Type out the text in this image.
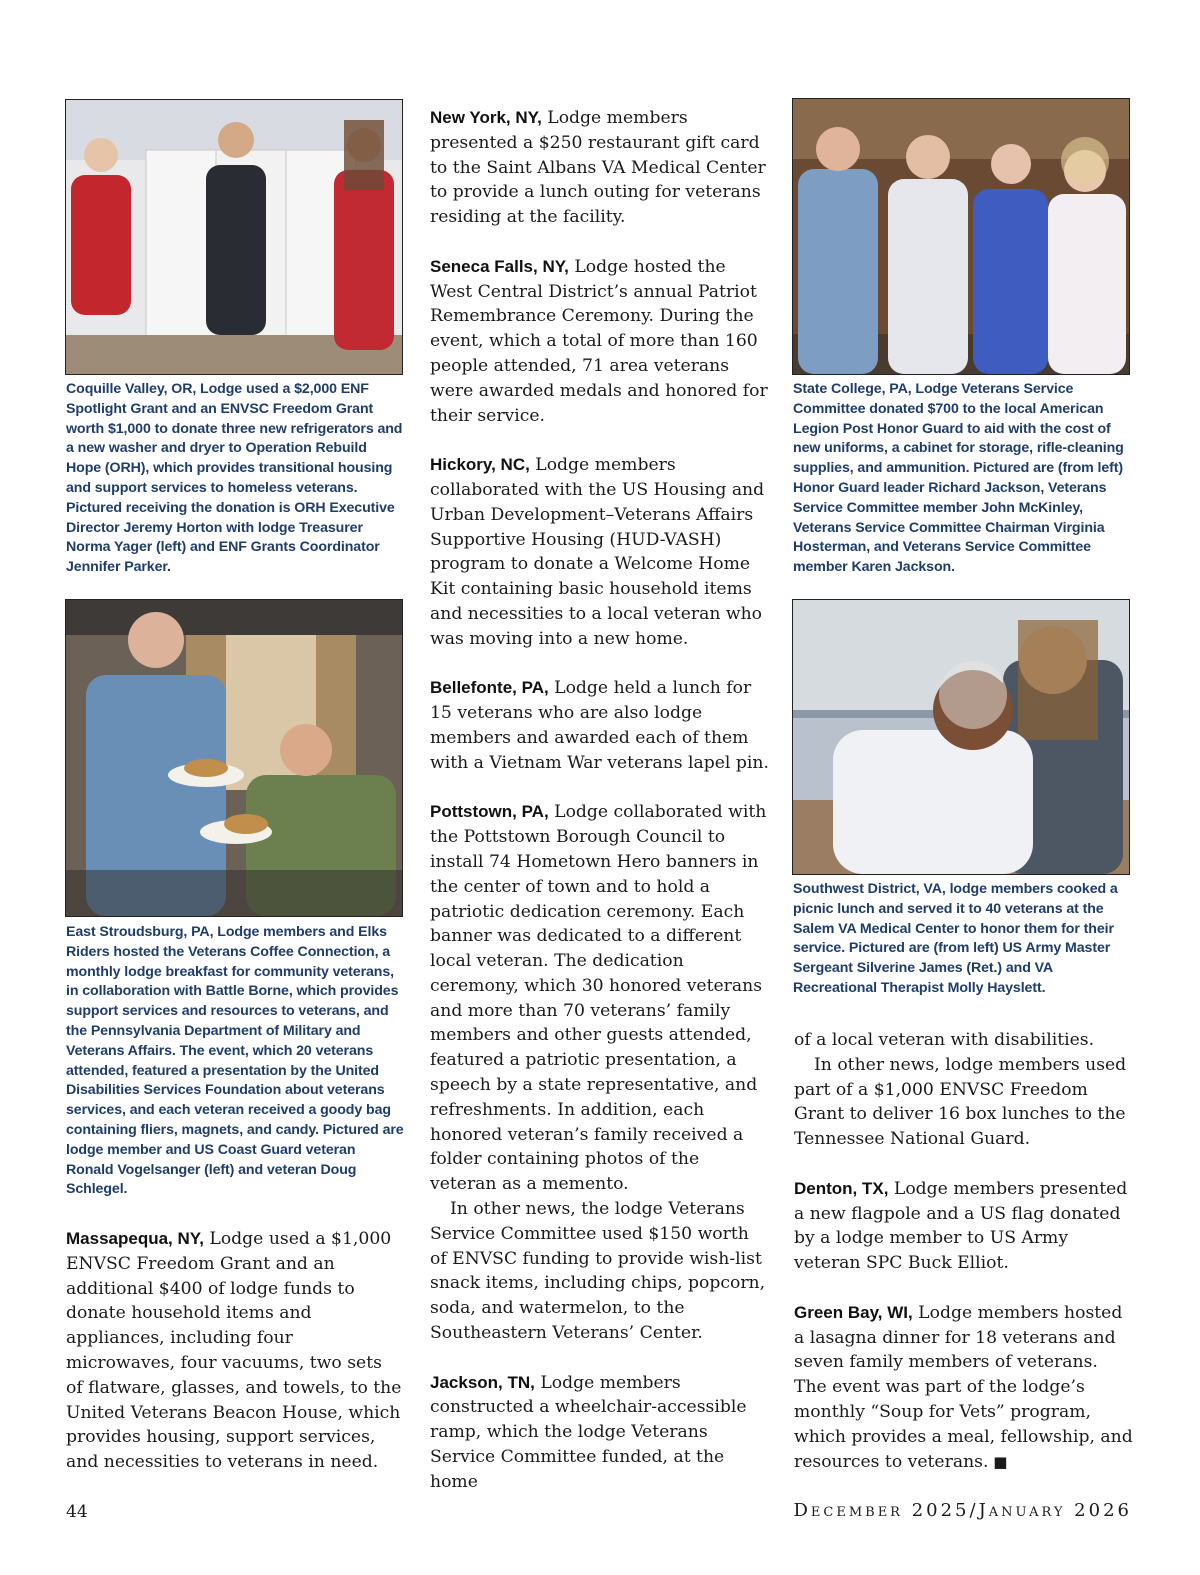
Coquille Valley, OR, Lodge used a $2,000 ENF Spotlight Grant and an ENVSC Freedom Grant worth $1,000 to donate three new refrigerators and a new washer and dryer to Operation Rebuild Hope (ORH), which provides transitional housing and support services to homeless veterans. Pictured receiving the donation is ORH Executive Director Jeremy Horton with lodge Treasurer Norma Yager (left) and ENF Grants Coordinator Jennifer Parker.
East Stroudsburg, PA, Lodge members and Elks Riders hosted the Veterans Coffee Connection, a monthly lodge breakfast for community veterans, in collaboration with Battle Borne, which provides support services and resources to veterans, and the Pennsylvania Department of Military and Veterans Affairs. The event, which 20 veterans attended, featured a presentation by the United Disabilities Services Foundation about veterans services, and each veteran received a goody bag containing fliers, magnets, and candy. Pictured are lodge member and US Coast Guard veteran Ronald Vogelsanger (left) and veteran Doug Schlegel.

Massapequa, NY, Lodge used a $1,000 ENVSC Freedom Grant and an additional $400 of lodge funds to donate household items and appliances, including four microwaves, four vacuums, two sets of flatware, glasses, and towels, to the United Veterans Beacon House, which provides housing, support services, and necessities to veterans in need.

New York, NY, Lodge members presented a $250 restaurant gift card to the Saint Albans VA Medical Center to provide a lunch outing for veterans residing at the facility.

Seneca Falls, NY, Lodge hosted the West Central District’s annual Patriot Remembrance Ceremony. During the event, which a total of more than 160 people attended, 71 area veterans were awarded medals and honored for their service.

Hickory, NC, Lodge members collaborated with the US Housing and Urban Development–Veterans Affairs Supportive Housing (HUD-VASH) program to donate a Welcome Home Kit containing basic household items and necessities to a local veteran who was moving into a new home.

Bellefonte, PA, Lodge held a lunch for 15 veterans who are also lodge members and awarded each of them with a Vietnam War veterans lapel pin.

Pottstown, PA, Lodge collaborated with the Pottstown Borough Council to install 74 Hometown Hero banners in the center of town and to hold a patriotic dedication ceremony. Each banner was dedicated to a different local veteran. The dedication ceremony, which 30 honored veterans and more than 70 veterans’ family members and other guests attended, featured a patriotic presentation, a speech by a state representative, and refreshments. In addition, each honored veteran’s family received a folder containing photos of the veteran as a memento.

In other news, the lodge Veterans Service Committee used $150 worth of ENVSC funding to provide wish-list snack items, including chips, popcorn, soda, and watermelon, to the Southeastern Veterans’ Center.

Jackson, TN, Lodge members constructed a wheelchair-accessible ramp, which the lodge Veterans Service Committee funded, at the home

State College, PA, Lodge Veterans Service Committee donated $700 to the local American Legion Post Honor Guard to aid with the cost of new uniforms, a cabinet for storage, rifle-cleaning supplies, and ammunition. Pictured are (from left) Honor Guard leader Richard Jackson, Veterans Service Committee member John McKinley, Veterans Service Committee Chairman Virginia Hosterman, and Veterans Service Committee member Karen Jackson.
Southwest District, VA, lodge members cooked a picnic lunch and served it to 40 veterans at the Salem VA Medical Center to honor them for their service. Pictured are (from left) US Army Master Sergeant Silverine James (Ret.) and VA Recreational Therapist Molly Hayslett.

of a local veteran with disabilities.

In other news, lodge members used part of a $1,000 ENVSC Freedom Grant to deliver 16 box lunches to the Tennessee National Guard.

Denton, TX, Lodge members presented a new flagpole and a US flag donated by a lodge member to US Army veteran SPC Buck Elliot.

Green Bay, WI, Lodge members hosted a lasagna dinner for 18 veterans and seven family members of veterans. The event was part of the lodge’s monthly “Soup for Vets” program, which provides a meal, fellowship, and resources to veterans. ■

44	December 2025/January 2026
